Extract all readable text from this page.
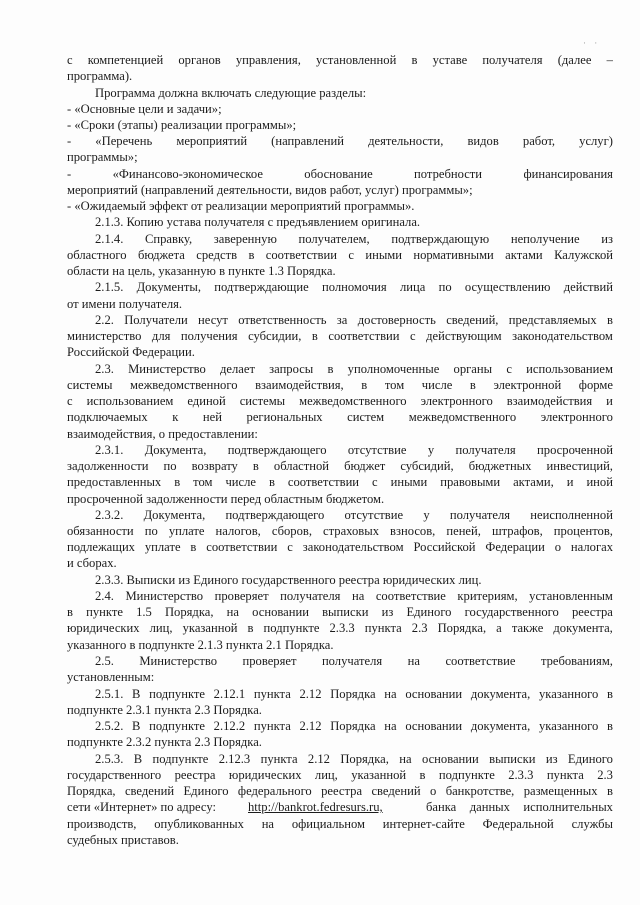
· ·
с компетенцией органов управления, установленной в уставе получателя (далее –
программа).
Программа должна включать следующие разделы:
- «Основные цели и задачи»;
- «Сроки (этапы) реализации программы»;
- «Перечень мероприятий (направлений деятельности, видов работ, услуг)
программы»;
-	«Финансово-экономическое	обоснование	потребности	финансирования
мероприятий (направлений деятельности, видов работ, услуг) программы»;
- «Ожидаемый эффект от реализации мероприятий программы».
2.1.3. Копию устава получателя с предъявлением оригинала.
2.1.4. Справку, заверенную получателем, подтверждающую неполучение из
областного бюджета средств в соответствии с иными нормативными актами Калужской
области на цель, указанную в пункте 1.3 Порядка.
2.1.5. Документы, подтверждающие полномочия лица по осуществлению действий
от имени получателя.
2.2. Получатели несут ответственность за достоверность сведений, представляемых в
министерство для получения субсидии, в соответствии с действующим законодательством
Российской Федерации.
2.3. Министерство делает запросы в уполномоченные органы с использованием
системы межведомственного взаимодействия, в том числе в электронной форме
с использованием единой системы межведомственного электронного взаимодействия и
подключаемых к ней региональных систем межведомственного электронного
взаимодействия, о предоставлении:
2.3.1. Документа, подтверждающего отсутствие у получателя просроченной
задолженности по возврату в областной бюджет субсидий, бюджетных инвестиций,
предоставленных в том числе в соответствии с иными правовыми актами, и иной
просроченной задолженности перед областным бюджетом.
2.3.2. Документа, подтверждающего отсутствие у получателя неисполненной
обязанности по уплате налогов, сборов, страховых взносов, пеней, штрафов, процентов,
подлежащих уплате в соответствии с законодательством Российской Федерации о налогах
и сборах.
2.3.3. Выписки из Единого государственного реестра юридических лиц.
2.4. Министерство проверяет получателя на соответствие критериям, установленным
в пункте 1.5 Порядка, на основании выписки из Единого государственного реестра
юридических лиц, указанной в подпункте 2.3.3 пункта 2.3 Порядка, а также документа,
указанного в подпункте 2.1.3 пункта 2.1 Порядка.
2.5. Министерство проверяет получателя на соответствие требованиям,
установленным:
2.5.1. В подпункте 2.12.1 пункта 2.12 Порядка на основании документа, указанного в
подпункте 2.3.1 пункта 2.3 Порядка.
2.5.2. В подпункте 2.12.2 пункта 2.12 Порядка на основании документа, указанного в
подпункте 2.3.2 пункта 2.3 Порядка.
2.5.3. В подпункте 2.12.3 пункта 2.12 Порядка, на основании выписки из Единого
государственного реестра юридических лиц, указанной в подпункте 2.3.3 пункта 2.3
Порядка, сведений Единого федерального реестра сведений о банкротстве, размещенных в
сети «Интернет» по адресу:	банка данных исполнительных
производств, опубликованных на официальном интернет-сайте Федеральной службы
судебных приставов.
http://bankrot.fedresurs.ru,
